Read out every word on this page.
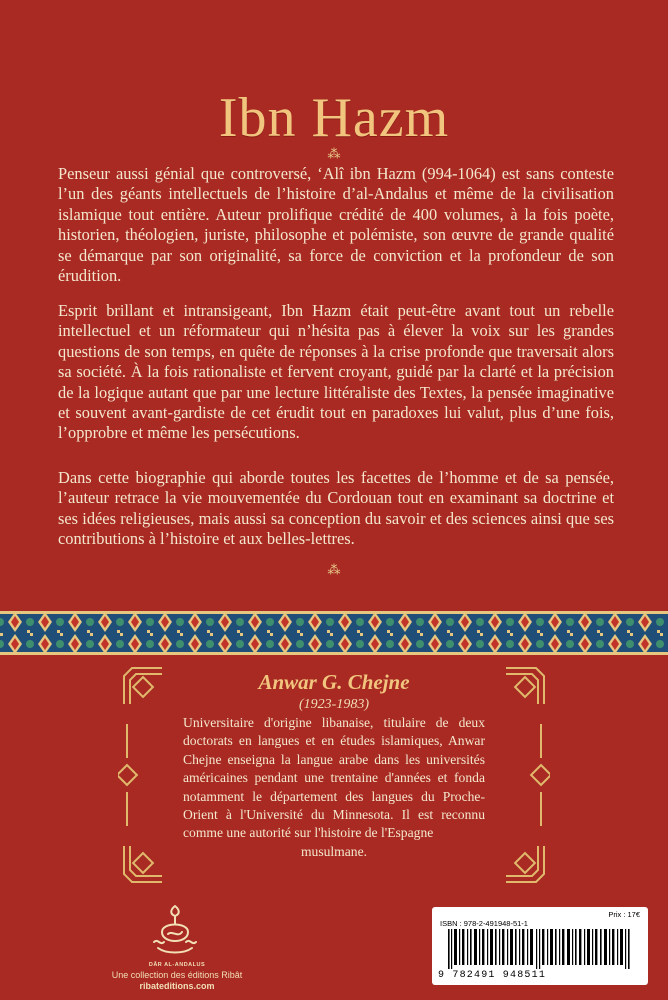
Ibn Hazm
⁂

Penseur aussi génial que controversé, ‘Alî ibn Hazm (994-1064) est sans conteste l’un des géants intellectuels de l’histoire d’al-Andalus et même de la civilisation islamique tout entière. Auteur prolifique crédité de 400 volumes, à la fois poète, historien, théologien, juriste, philosophe et polémiste, son œuvre de grande qualité se démarque par son originalité, sa force de conviction et la profondeur de son érudition.

Esprit brillant et intransigeant, Ibn Hazm était peut-être avant tout un rebelle intellectuel et un réformateur qui n’hésita pas à élever la voix sur les grandes questions de son temps, en quête de réponses à la crise profonde que traversait alors sa société. À la fois rationaliste et fervent croyant, guidé par la clarté et la précision de la logique autant que par une lecture littéraliste des Textes, la pensée imaginative et souvent avant-gardiste de cet érudit tout en paradoxes lui valut, plus d’une fois, l’opprobre et même les persécutions.

Dans cette biographie qui aborde toutes les facettes de l’homme et de sa pensée, l’auteur retrace la vie mouvementée du Cordouan tout en examinant sa doctrine et ses idées religieuses, mais aussi sa conception du savoir et des sciences ainsi que ses contributions à l’histoire et aux belles-lettres.

⁂
Anwar G. Chejne
(1923-1983)
Universitaire d'origine libanaise, titulaire de deux doctorats en langues et en études islamiques, Anwar Chejne enseigna la langue arabe dans les universités américaines pendant une trentaine d'années et fonda notamment le département des langues du Proche-Orient à l'Université du Minnesota. Il est reconnu comme une autorité sur l'histoire de l'Espagne
musulmane.
DÂR AL-ANDALUS
Une collection des éditions Ribât
ribateditions.com
Prix : 17€
ISBN : 978-2-491948-51-1
9 782491 948511
